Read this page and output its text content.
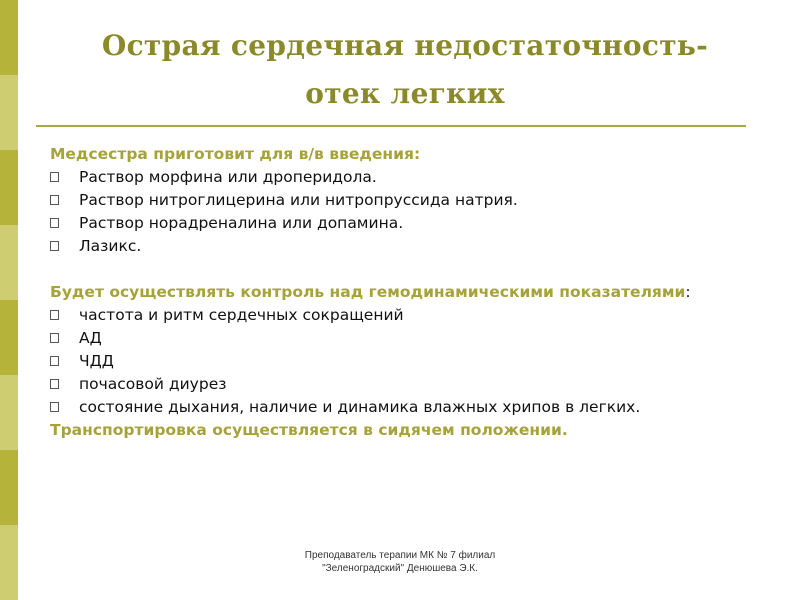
Острая сердечная недостаточность-
отек легких
Медсестра приготовит для в/в введения:
Раствор морфина или дроперидола.
Раствор нитроглицерина или нитропруссида натрия.
Раствор норадреналина или допамина.
Лазикс.
Будет осуществлять контроль над гемодинамическими показателями:
частота и ритм сердечных сокращений
АД
ЧДД
почасовой диурез
состояние дыхания, наличие и динамика влажных хрипов в легких.
Транспортировка осуществляется в сидячем положении.
Преподаватель терапии МК № 7 филиал
"Зеленоградский" Денюшева Э.К.
